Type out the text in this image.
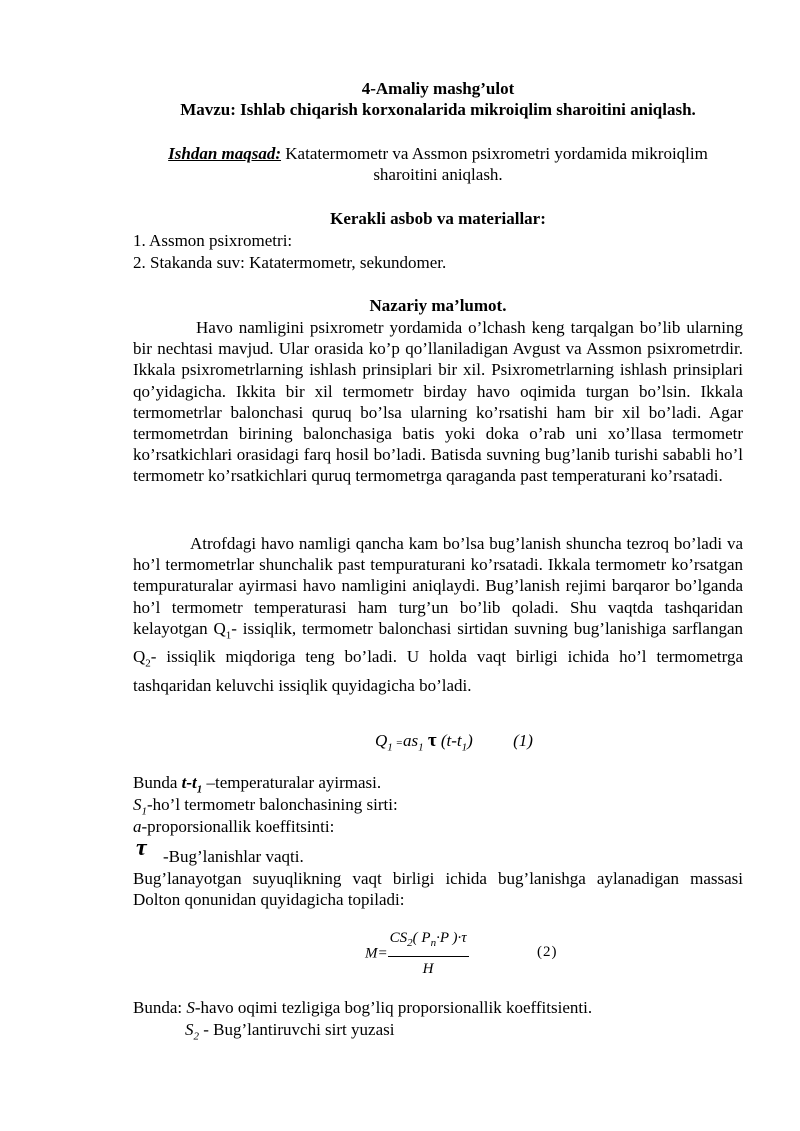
4-Amaliy mashg’ulot
Mavzu: Ishlab chiqarish korxonalarida mikroiqlim sharoitini aniqlash.
Ishdan maqsad: Katatermometr va Assmon psixrometri yordamida mikroiqlim
sharoitini aniqlash.
Kerakli asbob va materiallar:
1. Assmon psixrometri:
2. Stakanda suv: Katatermometr, sekundomer.
Nazariy ma’lumot.
Havo namligini psixrometr yordamida o’lchash keng tarqalgan bo’lib ularning bir nechtasi mavjud. Ular orasida ko’p qo’llaniladigan Avgust va Assmon psixrometrdir. Ikkala psixrometrlarning ishlash prinsiplari bir xil. Psixrometrlarning ishlash prinsiplari qo’yidagicha. Ikkita bir xil termometr birday havo oqimida turgan bo’lsin. Ikkala termometrlar balonchasi quruq bo’lsa ularning ko’rsatishi ham bir xil bo’ladi. Agar termometrdan birining balonchasiga batis yoki doka o’rab uni xo’llasa termometr ko’rsatkichlari orasidagi farq hosil bo’ladi. Batisda suvning bug’lanib turishi sababli ho’l termometr ko’rsatkichlari quruq termometrga qaraganda past temperaturani ko’rsatadi.
Atrofdagi havo namligi qancha kam bo’lsa bug’lanish shuncha tezroq bo’ladi va ho’l termometrlar shunchalik past tempuraturani ko’rsatadi. Ikkala termometr ko’rsatgan tempuraturalar ayirmasi havo namligini aniqlaydi. Bug’lanish rejimi barqaror bo’lganda ho’l termometr temperaturasi ham turg’un bo’lib qoladi. Shu vaqtda tashqaridan kelayotgan $Q_1-$ issiqlik, termometr balonchasi sirtidan suvning bug’lanishiga sarflangan $Q_2-$ issiqlik miqdoriga teng bo’ladi. U holda vaqt birligi ichida ho’l termometrga tashqaridan keluvchi issiqlik quyidagicha bo’ladi.
$Q_1 =as_1$ τ $(t-t_1)$ (1)
Bunda $t-t_1$ –temperaturalar ayirmasi.
$S_1-ho’l$ termometr balonchasining sirti:
a-proporsionallik koeffitsinti:
τ -Bug’lanishlar vaqti.
Bug’lanayotgan suyuqlikning vaqt birligi ichida bug’lanishga aylanadigan massasi Dolton qonunidan quyidagicha topiladi:
$M= \frac{CS_2( P_n\cdot P )\cdot\tau}{H}$	(2)
Bunda: S-havo oqimi tezligiga bog’liq proporsionallik koeffitsienti.
$S_2$ - Bug’lantiruvchi sirt yuzasi
